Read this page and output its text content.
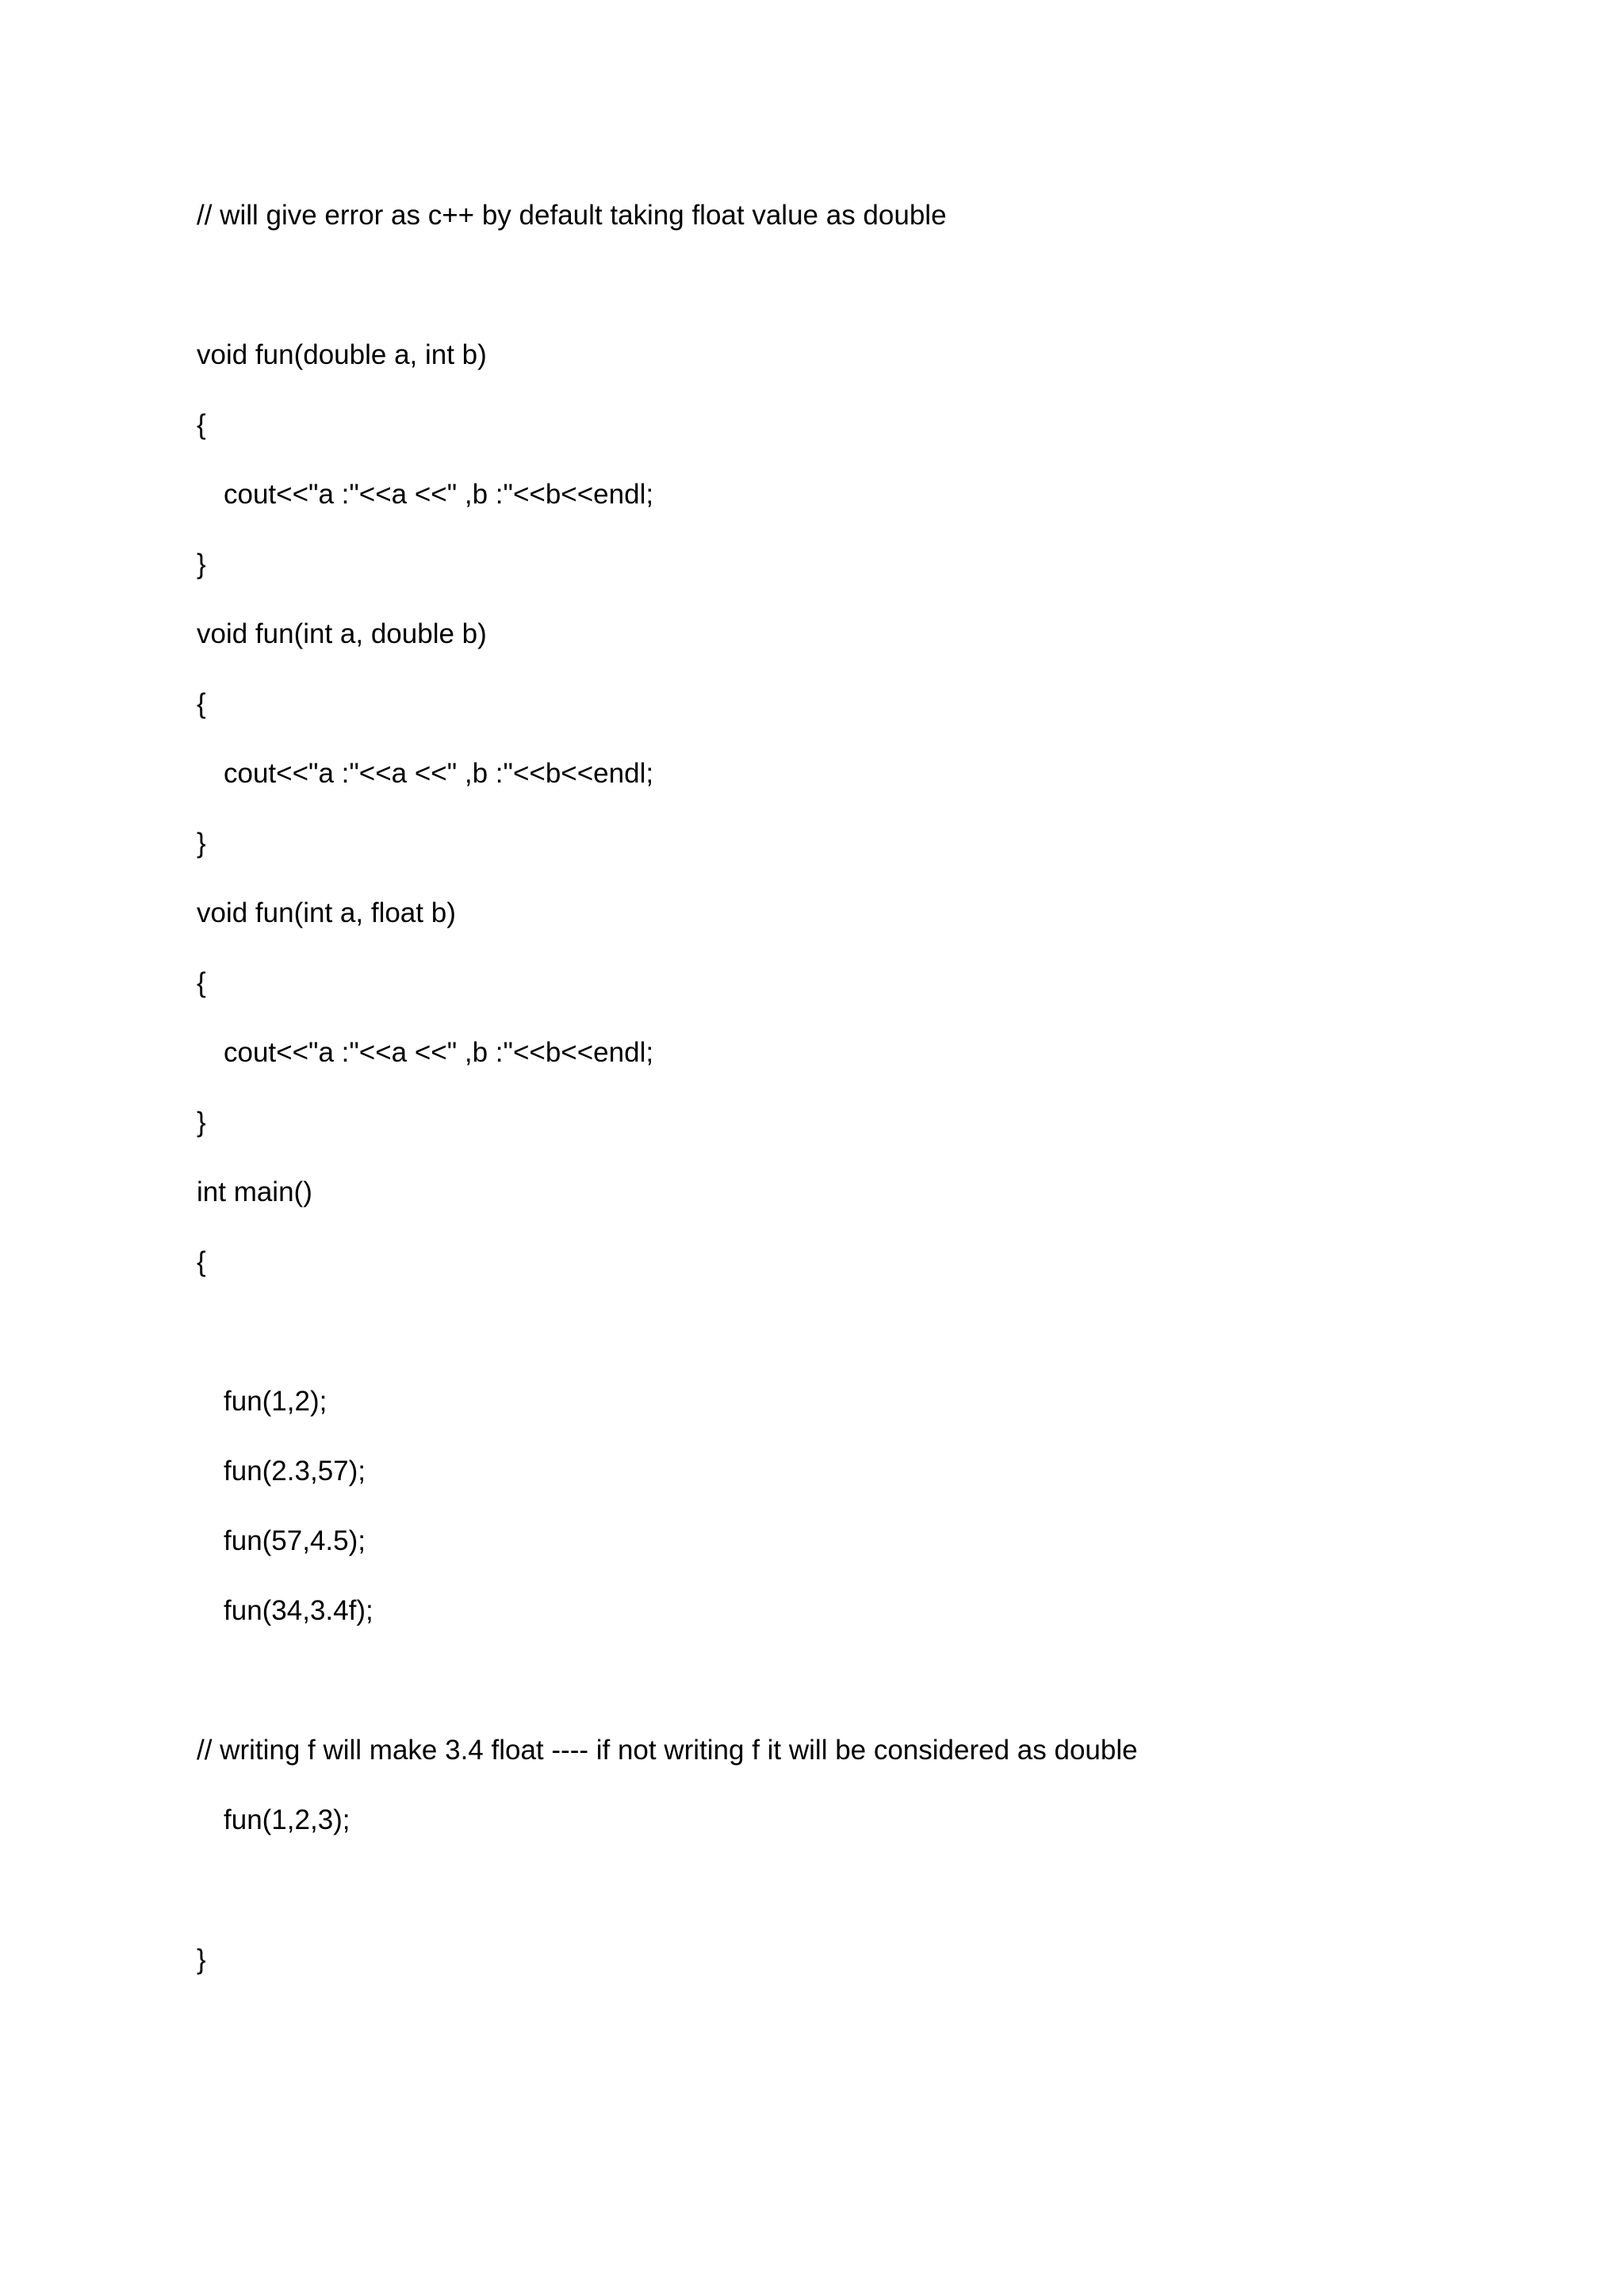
// will give error as c++ by default taking float value as double
void fun(double a, int b)
{
cout<<"a :"<<a <<" ,b :"<<b<<endl;
}
void fun(int a, double b)
{
cout<<"a :"<<a <<" ,b :"<<b<<endl;
}
void fun(int a, float b)
{
cout<<"a :"<<a <<" ,b :"<<b<<endl;
}
int main()
{
fun(1,2);
fun(2.3,57);
fun(57,4.5);
fun(34,3.4f);
// writing f will make 3.4 float ---- if not writing f it will be considered as double
fun(1,2,3);
}
